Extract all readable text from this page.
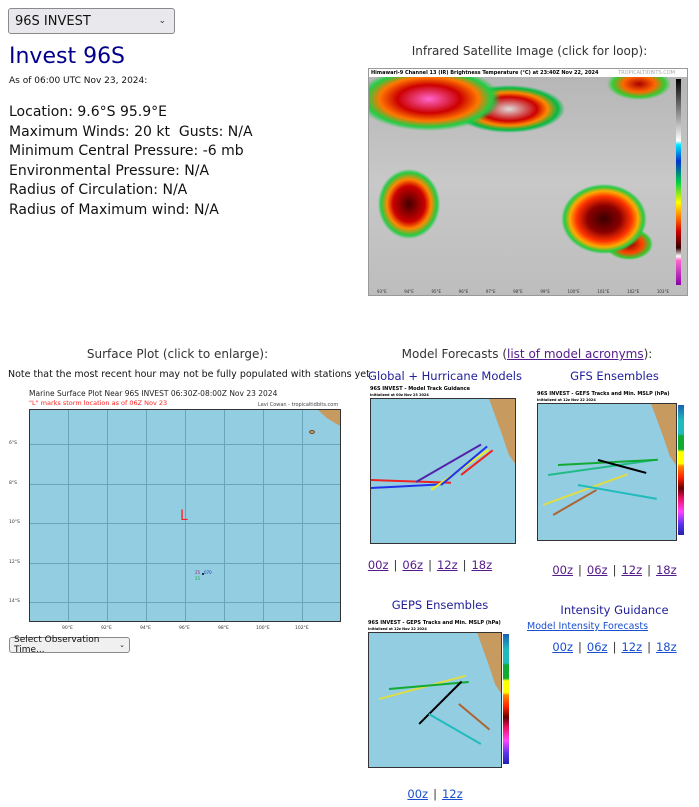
96S INVEST	⌄
Invest 96S
As of 06:00 UTC Nov 23, 2024:
Location: 9.6°S 95.9°E
Maximum Winds: 20 kt  Gusts: N/A
Minimum Central Pressure: -6 mb
Environmental Pressure: N/A
Radius of Circulation: N/A
Radius of Maximum wind: N/A
Infrared Satellite Image (click for loop):
Himawari-9 Channel 13 (IR) Brightness Temperature (°C) at 23:40Z Nov 22, 2024	TROPICALTIDBITS.COM
93°E	94°E	95°E	96°E	97°E	98°E	99°E	100°E	101°E	102°E	103°E
Surface Plot (click to enlarge):
Note that the most recent hour may not be fully populated with stations yet.
Marine Surface Plot Near 96S INVEST 06:30Z-08:00Z Nov 23 2024
"L" marks storm location as of 06Z Nov 23	Levi Cowan - tropicaltidbits.com
L
25
25
070
6°S
8°S
10°S
12°S
14°S
90°E	92°E	94°E	96°E	98°E	100°E	102°E
Select Observation Time...	⌄
Model Forecasts (list of model acronyms):
Global + Hurricane Models
96S INVEST - Model Track Guidance
Initialized at 00z Nov 23 2024
00z | 06z | 12z | 18z
GFS Ensembles
96S INVEST - GEFS Tracks and Min. MSLP (hPa)
Initialized at 12z Nov 22 2024
00z | 06z | 12z | 18z
GEPS Ensembles
96S INVEST - GEPS Tracks and Min. MSLP (hPa)
Initialized at 12z Nov 22 2024
00z | 12z
Intensity Guidance
Model Intensity Forecasts
00z | 06z | 12z | 18z
